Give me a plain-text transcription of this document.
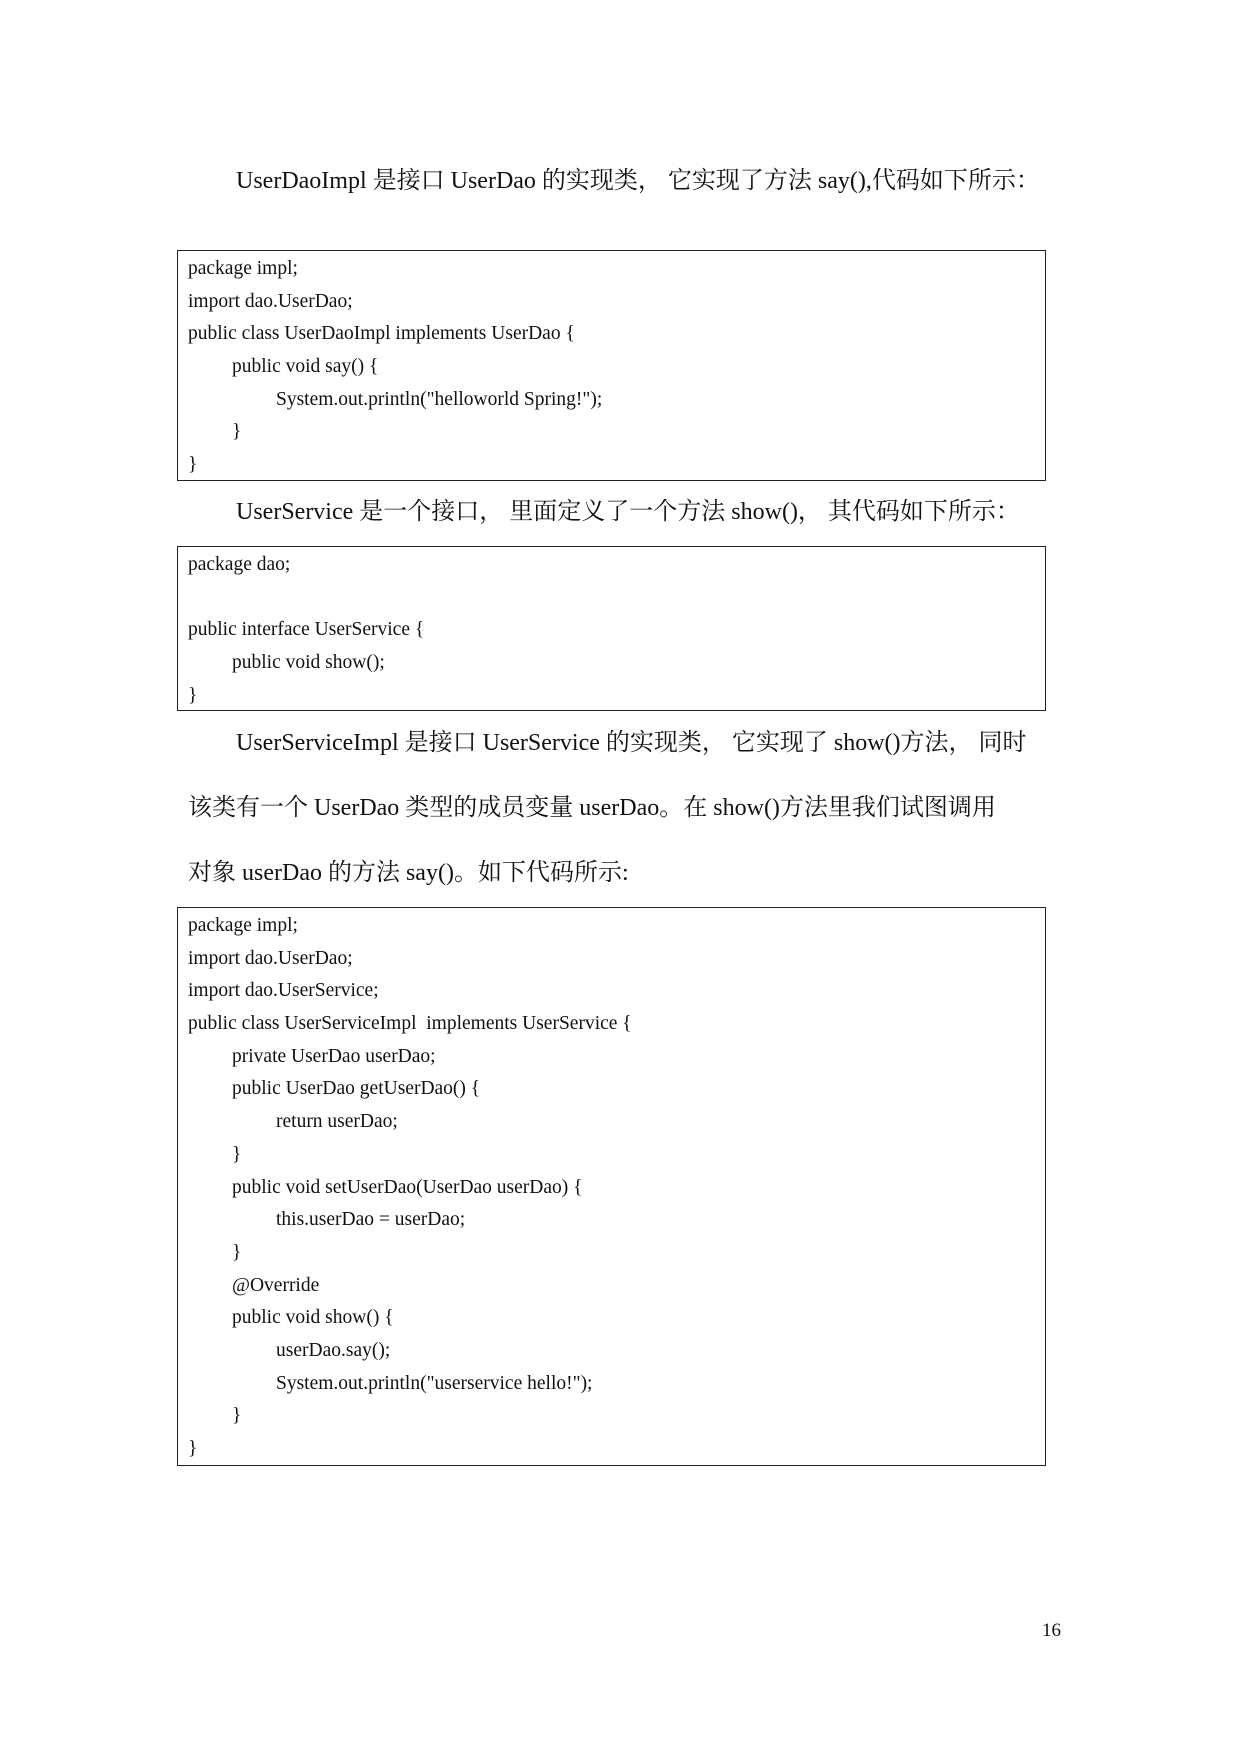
UserDaoImpl 是接口 UserDao 的实现类， 它实现了方法 say(),代码如下所示：
package impl;
import dao.UserDao;
public class UserDaoImpl implements UserDao {
public void say() {
System.out.println("helloworld Spring!");
}
}
UserService 是一个接口， 里面定义了一个方法 show()， 其代码如下所示：
package dao;
public interface UserService {
public void show();
}
UserServiceImpl 是接口 UserService 的实现类， 它实现了 show()方法， 同时
该类有一个 UserDao 类型的成员变量 userDao。在 show()方法里我们试图调用
对象 userDao 的方法 say()。如下代码所示:
package impl;
import dao.UserDao;
import dao.UserService;
public class UserServiceImpl  implements UserService {
private UserDao userDao;
public UserDao getUserDao() {
return userDao;
}
public void setUserDao(UserDao userDao) {
this.userDao = userDao;
}
@Override
public void show() {
userDao.say();
System.out.println("userservice hello!");
}
}
16
